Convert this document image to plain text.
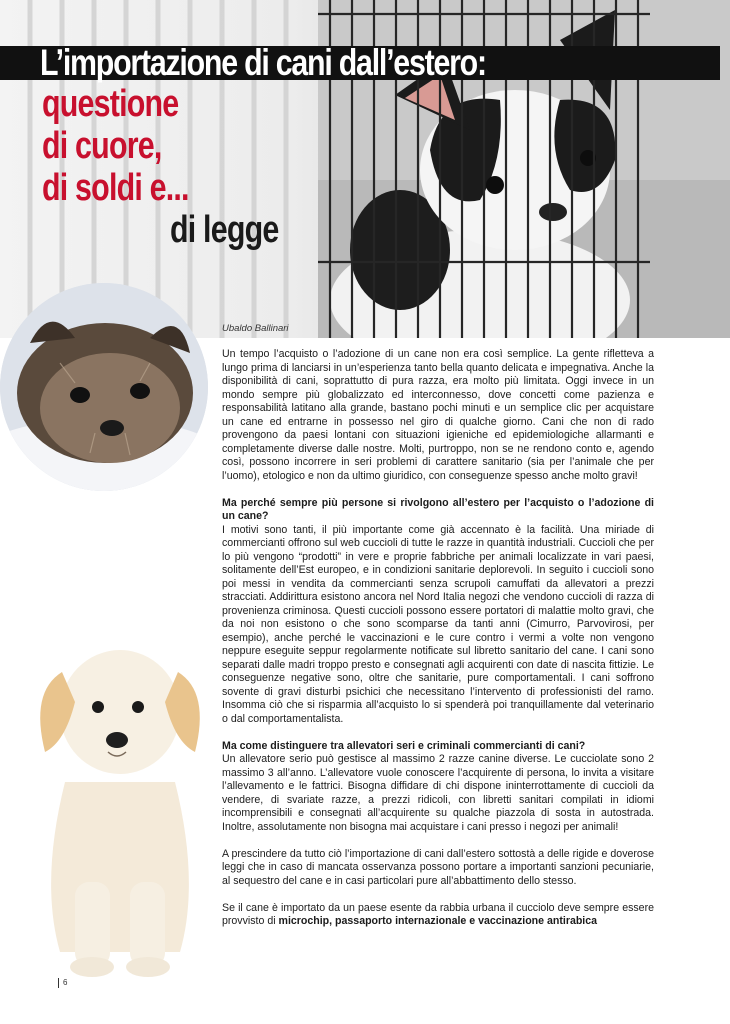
L’importazione di cani dall’estero:
questione
di cuore,
di soldi e...
di legge
Ubaldo Ballinari

Un tempo l’acquisto o l’adozione di un cane non era così semplice. La gente rifletteva a lungo prima di lanciarsi in un’esperienza tanto bella quanto delicata e impegnativa. Anche la disponibilità di cani, soprattutto di pura razza, era molto più limitata. Oggi invece in un mondo sempre più globalizzato ed interconnesso, dove concetti come pazienza e responsabilità latitano alla grande, bastano pochi minuti e un semplice clic per acquistare un cane ed entrarne in possesso nel giro di qualche giorno. Cani che non di rado provengono da paesi lontani con situazioni igieniche ed epidemiologiche allarmanti e completamente diverse dalle nostre. Molti, purtroppo, non se ne rendono conto e, agendo così, possono incorrere in seri problemi di carattere sanitario (sia per l’animale che per l’uomo), etologico e non da ultimo giuridico, con conseguenze spesso anche molto gravi!

Ma perché sempre più persone si rivolgono all’estero per l’acquisto o l’adozione di un cane?

I motivi sono tanti, il più importante come già accennato è la facilità. Una miriade di commercianti offrono sul web cuccioli di tutte le razze in quantità industriali. Cuccioli che per lo più vengono “prodotti” in vere e proprie fabbriche per animali localizzate in vari paesi, solitamente dell’Est europeo, e in condizioni sanitarie deplorevoli. In seguito i cuccioli sono poi messi in vendita da commercianti senza scrupoli camuffati da allevatori a prezzi stracciati. Addirittura esistono ancora nel Nord Italia negozi che vendono cuccioli di razza di provenienza criminosa. Questi cuccioli possono essere portatori di malattie molto gravi, che da noi non esistono o che sono scomparse da tanti anni (Cimurro, Parvovirosi, per esempio), anche perché le vaccinazioni e le cure contro i vermi a volte non vengono neppure eseguite seppur regolarmente notificate sul libretto sanitario del cane. I cani sono separati dalle madri troppo presto e consegnati agli acquirenti con date di nascita fittizie. Le conseguenze negative sono, oltre che sanitarie, pure comportamentali. I cani soffrono sovente di gravi disturbi psichici che necessitano l’intervento di professionisti del ramo. Insomma ciò che si risparmia all’acquisto lo si spenderà poi tranquillamente dal veterinario o dal comportamentalista.

Ma come distinguere tra allevatori seri e criminali commercianti di cani?

Un allevatore serio può gestisce al massimo 2 razze canine diverse. Le cucciolate sono 2 massimo 3 all’anno. L’allevatore vuole conoscere l’acquirente di persona, lo invita a visitare l’allevamento e le fattrici. Bisogna diffidare di chi dispone ininterrottamente di cuccioli da vendere, di svariate razze, a prezzi ridicoli, con libretti sanitari compilati in idiomi incomprensibili e consegnati all’acquirente su qualche piazzola di sosta in autostrada. Inoltre, assolutamente non bisogna mai acquistare i cani presso i negozi per animali!

A prescindere da tutto ciò l’importazione di cani dall’estero sottostà a delle rigide e doverose leggi che in caso di mancata osservanza possono portare a importanti sanzioni pecuniarie, al sequestro del cane e in casi particolari pure all’abbattimento dello stesso.

Se il cane è importato da un paese esente da rabbia urbana il cucciolo deve sempre essere provvisto di microchip, passaporto internazionale e vaccinazione antirabica

6
